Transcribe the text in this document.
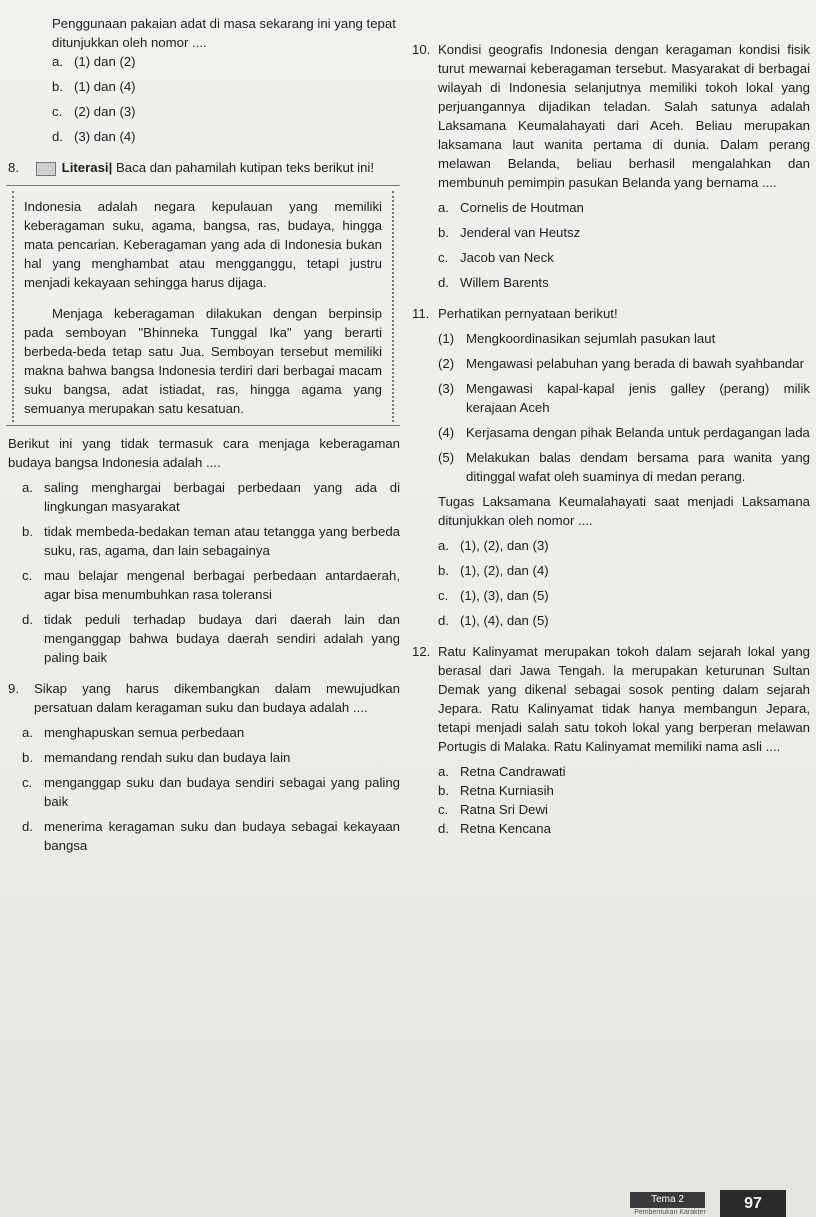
Penggunaan pakaian adat di masa sekarang ini yang tepat ditunjukkan oleh nomor ....

a. (1) dan (2)
b. (1) dan (4)
c. (2) dan (3)
d. (3) dan (4)
8.	Literasi| Baca dan pahamilah kutipan teks berikut ini!

Indonesia adalah negara kepulauan yang memiliki keberagaman suku, agama, bangsa, ras, budaya, hingga mata pencarian. Keberagaman yang ada di Indonesia bukan hal yang menghambat atau mengganggu, tetapi justru menjadi kekayaan sehingga harus dijaga.

Menjaga keberagaman dilakukan dengan berpinsip pada semboyan "Bhinneka Tunggal Ika" yang berarti berbeda-beda tetap satu Jua. Semboyan tersebut memiliki makna bahwa bangsa Indonesia terdiri dari berbagai macam suku bangsa, adat istiadat, ras, hingga agama yang semuanya merupakan satu kesatuan.

Berikut ini yang tidak termasuk cara menjaga keberagaman budaya bangsa Indonesia adalah ....

a. saling menghargai berbagai perbedaan yang ada di lingkungan masyarakat
b. tidak membeda-bedakan teman atau tetangga yang berbeda suku, ras, agama, dan lain sebagainya
c. mau belajar mengenal berbagai perbedaan antardaerah, agar bisa menumbuhkan rasa toleransi
d. tidak peduli terhadap budaya dari daerah lain dan menganggap bahwa budaya daerah sendiri adalah yang paling baik
9.	Sikap yang harus dikembangkan dalam mewujudkan persatuan dalam keragaman suku dan budaya adalah ....
a. menghapuskan semua perbedaan
b. memandang rendah suku dan budaya lain
c. menganggap suku dan budaya sendiri sebagai yang paling baik
d. menerima keragaman suku dan budaya sebagai kekayaan bangsa
10. Kondisi geografis Indonesia dengan keragaman kondisi fisik turut mewarnai keberagaman tersebut. Masyarakat di berbagai wilayah di Indonesia selanjutnya memiliki tokoh lokal yang perjuangannya dijadikan teladan. Salah satunya adalah Laksamana Keumalahayati dari Aceh. Beliau merupakan laksamana laut wanita pertama di dunia. Dalam perang melawan Belanda, beliau berhasil mengalahkan dan membunuh pemimpin pasukan Belanda yang bernama ....
a. Cornelis de Houtman
b. Jenderal van Heutsz
c. Jacob van Neck
d. Willem Barents
11. Perhatikan pernyataan berikut!
(1) Mengkoordinasikan sejumlah pasukan laut
(2) Mengawasi pelabuhan yang berada di bawah syahbandar
(3) Mengawasi kapal-kapal jenis galley (perang) milik kerajaan Aceh
(4) Kerjasama dengan pihak Belanda untuk perdagangan lada
(5) Melakukan balas dendam bersama para wanita yang ditinggal wafat oleh suaminya di medan perang.

Tugas Laksamana Keumalahayati saat menjadi Laksamana ditunjukkan oleh nomor ....

a. (1), (2), dan (3)
b. (1), (2), dan (4)
c. (1), (3), dan (5)
d. (1), (4), dan (5)
12. Ratu Kalinyamat merupakan tokoh dalam sejarah lokal yang berasal dari Jawa Tengah. la merupakan keturunan Sultan Demak yang dikenal sebagai sosok penting dalam sejarah Jepara. Ratu Kalinyamat tidak hanya membangun Jepara, tetapi menjadi salah satu tokoh lokal yang berperan melawan Portugis di Malaka. Ratu Kalinyamat memiliki nama asli ....
a. Retna Candrawati
b. Retna Kurniasih
c. Ratna Sri Dewi
d. Retna Kencana
Tema 2
Pembentukan Karakter
97
